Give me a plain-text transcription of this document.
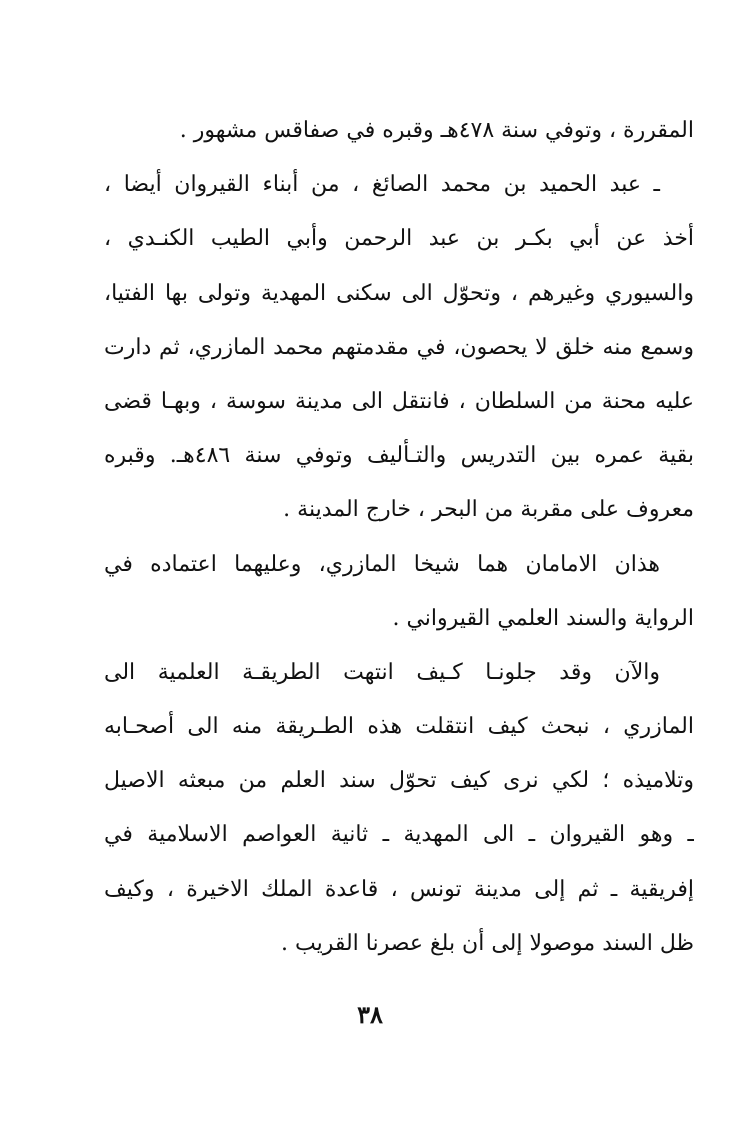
المقررة ، وتوفي سنة ٤٧٨هـ وقبره في صفاقس مشهور .
ـ عبد الحميد بن محمد الصائغ ، من أبناء القيروان أيضا ،
أخذ عن أبي بكـر بن عبد الرحمن وأبي الطيب الكنـدي ،
والسيوري وغيرهم ، وتحوّل الى سكنى المهدية وتولى بها الفتيا،
وسمع منه خلق لا يحصون، في مقدمتهم محمد المازري، ثم دارت
عليه محنة من السلطان ، فانتقل الى مدينة سوسة ، وبهـا قضى
بقية عمره بين التدريس والتـأليف وتوفي سنة ٤٨٦هـ. وقبره
معروف على مقربة من البحر ، خارج المدينة .
هذان الامامان هما شيخا المازري، وعليهما اعتماده في
الرواية والسند العلمي القيرواني .
والآن وقد جلونـا كـيف انتهت الطريقـة العلمية الى
المازري ، نبحث كيف انتقلت هذه الطـريقة منه الى أصحـابه
وتلاميذه ؛ لكي نرى كيف تحوّل سند العلم من مبعثه الاصيل
ـ وهو القيروان ـ الى المهدية ـ ثانية العواصم الاسلامية في
إفريقية ـ ثم إلى مدينة تونس ، قاعدة الملك الاخيرة ، وكيف
ظل السند موصولا إلى أن بلغ عصرنا القريب .
٣٨
